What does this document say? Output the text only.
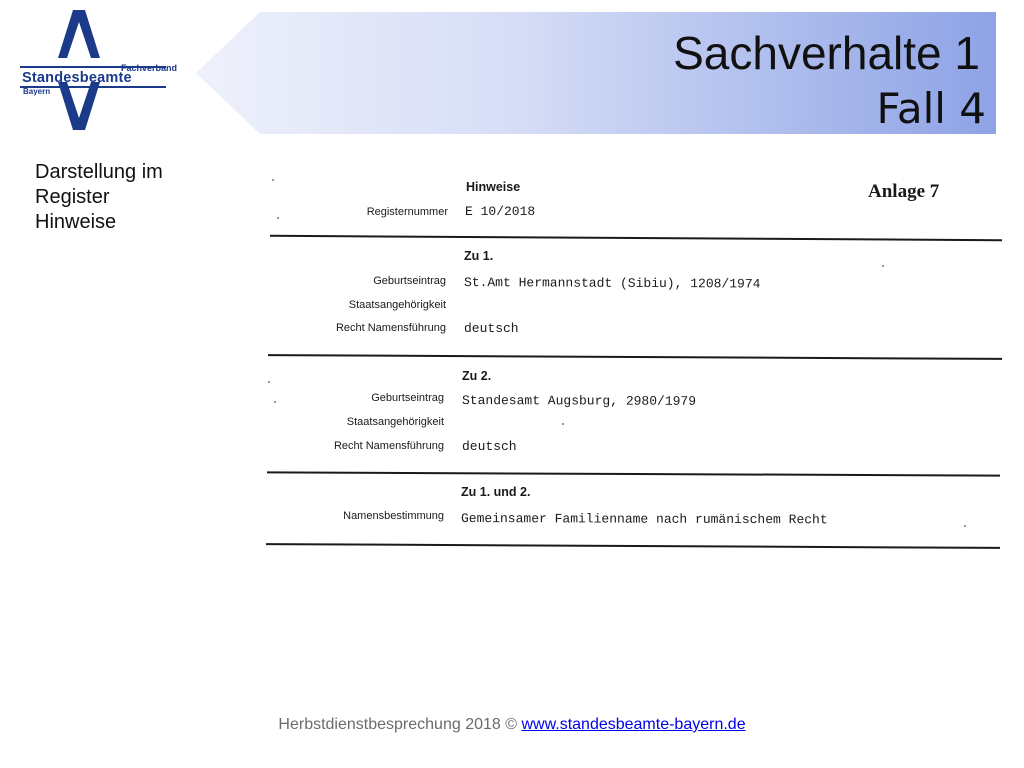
Fachverband
Standesbeamte
Bayern
Sachverhalte 1
Fall 4
Darstellung im
Register
Hinweise
Hinweise	Anlage 7
Registernummer E 10/2018
Zu 1.
Geburtseintrag St.Amt Hermannstadt (Sibiu), 1208/1974
Staatsangehörigkeit
Recht Namensführung deutsch
Zu 2.
Geburtseintrag Standesamt Augsburg, 2980/1979
Staatsangehörigkeit
Recht Namensführung deutsch
Zu 1. und 2.
Namensbestimmung Gemeinsamer Familienname nach rumänischem Recht
Herbstdienstbesprechung 2018 © www.standesbeamte-bayern.de
